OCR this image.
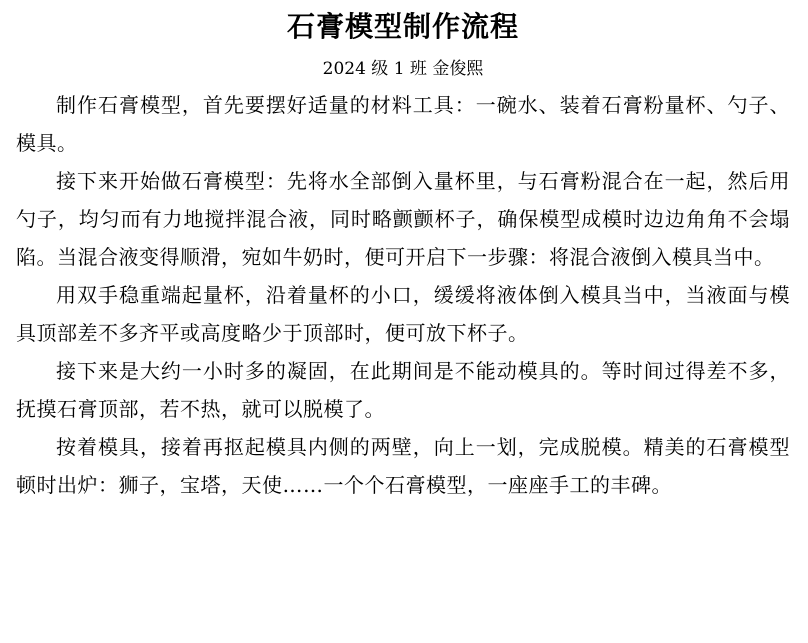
石膏模型制作流程
2024 级 1 班 金俊熙

制作石膏模型，首先要摆好适量的材料工具：一碗水、装着石膏粉量杯、勺子、模具。

接下来开始做石膏模型：先将水全部倒入量杯里，与石膏粉混合在一起，然后用勺子，均匀而有力地搅拌混合液，同时略颤颤杯子，确保模型成模时边边角角不会塌陷。当混合液变得顺滑，宛如牛奶时，便可开启下一步骤：将混合液倒入模具当中。

用双手稳重端起量杯，沿着量杯的小口，缓缓将液体倒入模具当中，当液面与模具顶部差不多齐平或高度略少于顶部时，便可放下杯子。

接下来是大约一小时多的凝固，在此期间是不能动模具的。等时间过得差不多，抚摸石膏顶部，若不热，就可以脱模了。

按着模具，接着再抠起模具内侧的两壁，向上一划，完成脱模。精美的石膏模型顿时出炉：狮子，宝塔，天使……一个个石膏模型，一座座手工的丰碑。
